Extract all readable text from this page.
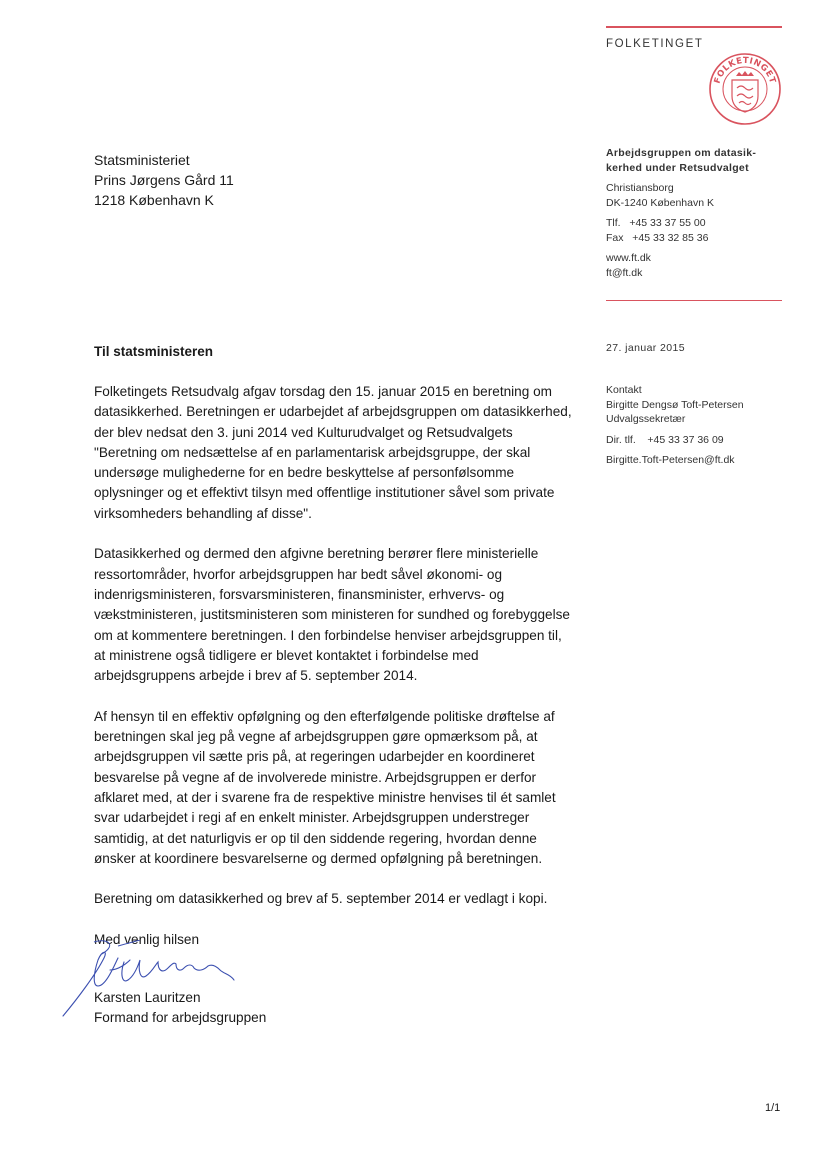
FOLKETINGET
FOLKETINGET
Statsministeriet
Prins Jørgens Gård 11
1218 København K
Arbejdsgruppen om datasik-
kerhed under Retsudvalget
Christiansborg
DK-1240 København K
Tlf.   +45 33 37 55 00
Fax   +45 33 32 85 36
www.ft.dk
ft@ft.dk
27. januar 2015
Kontakt
Birgitte Dengsø Toft-Petersen
Udvalgssekretær
Dir. tlf.    +45 33 37 36 09
Birgitte.Toft-Petersen@ft.dk
Til statsministeren

Folketingets Retsudvalg afgav torsdag den 15. januar 2015 en beretning om datasikkerhed. Beretningen er udarbejdet af arbejdsgruppen om datasikkerhed, der blev nedsat den 3. juni 2014 ved Kulturudvalget og Retsudvalgets "Beretning om nedsættelse af en parlamentarisk arbejdsgruppe, der skal undersøge mulighederne for en bedre beskyttelse af personfølsomme oplysninger og et effektivt tilsyn med offentlige institutioner såvel som private virksomheders behandling af disse".

Datasikkerhed og dermed den afgivne beretning berører flere ministerielle ressortområder, hvorfor arbejdsgruppen har bedt såvel økonomi- og indenrigsministeren, forsvarsministeren, finansminister, erhvervs- og vækstministeren, justitsministeren som ministeren for sundhed og forebyggelse om at kommentere beretningen. I den forbindelse henviser arbejdsgruppen til, at ministrene også tidligere er blevet kontaktet i forbindelse med arbejdsgruppens arbejde i brev af 5. september 2014.

Af hensyn til en effektiv opfølgning og den efterfølgende politiske drøftelse af beretningen skal jeg på vegne af arbejdsgruppen gøre opmærksom på, at arbejdsgruppen vil sætte pris på, at regeringen udarbejder en koordineret besvarelse på vegne af de involverede ministre. Arbejdsgruppen er derfor afklaret med, at der i svarene fra de respektive ministre henvises til ét samlet svar udarbejdet i regi af en enkelt minister. Arbejdsgruppen understreger samtidig, at det naturligvis er op til den siddende regering, hvordan denne ønsker at koordinere besvarelserne og dermed opfølgning på beretningen.

Beretning om datasikkerhed og brev af 5. september 2014 er vedlagt i kopi.

Med venlig hilsen
Karsten Lauritzen
Formand for arbejdsgruppen
1/1
